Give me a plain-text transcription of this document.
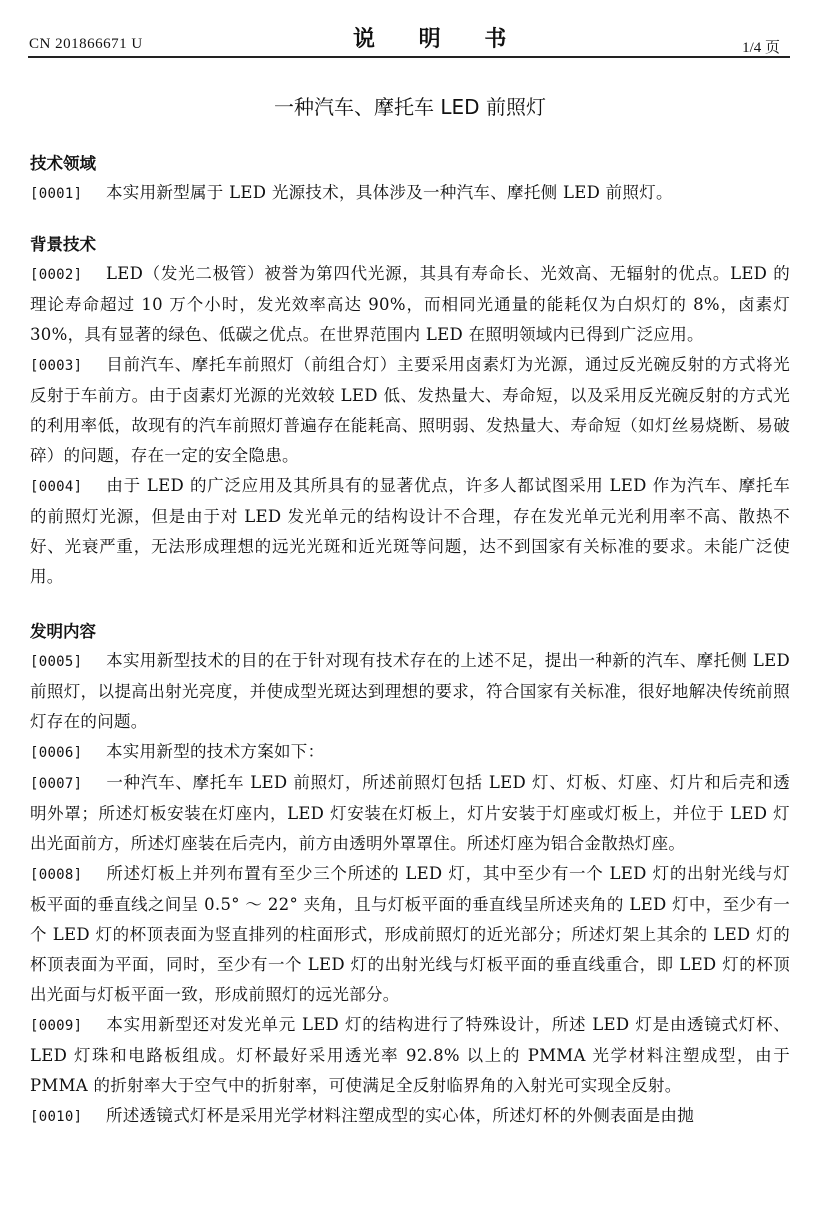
CN 201866671 U	说 明 书	1/4 页
一种汽车、摩托车 LED 前照灯
技术领域

[0001] 本实用新型属于 LED 光源技术，具体涉及一种汽车、摩托侧 LED 前照灯。

背景技术

[0002] LED（发光二极管）被誉为第四代光源，其具有寿命长、光效高、无辐射的优点。LED 的理论寿命超过 10 万个小时，发光效率高达 90%，而相同光通量的能耗仅为白炽灯的 8%，卤素灯 30%，具有显著的绿色、低碳之优点。在世界范围内 LED 在照明领域内已得到广泛应用。

[0003] 目前汽车、摩托车前照灯（前组合灯）主要采用卤素灯为光源，通过反光碗反射的方式将光反射于车前方。由于卤素灯光源的光效较 LED 低、发热量大、寿命短，以及采用反光碗反射的方式光的利用率低，故现有的汽车前照灯普遍存在能耗高、照明弱、发热量大、寿命短（如灯丝易烧断、易破碎）的问题，存在一定的安全隐患。

[0004] 由于 LED 的广泛应用及其所具有的显著优点，许多人都试图采用 LED 作为汽车、摩托车的前照灯光源，但是由于对 LED 发光单元的结构设计不合理，存在发光单元光利用率不高、散热不好、光衰严重，无法形成理想的远光光斑和近光斑等问题，达不到国家有关标准的要求。未能广泛使用。

发明内容

[0005] 本实用新型技术的目的在于针对现有技术存在的上述不足，提出一种新的汽车、摩托侧 LED 前照灯，以提高出射光亮度，并使成型光斑达到理想的要求，符合国家有关标准，很好地解决传统前照灯存在的问题。

[0006] 本实用新型的技术方案如下：

[0007] 一种汽车、摩托车 LED 前照灯，所述前照灯包括 LED 灯、灯板、灯座、灯片和后壳和透明外罩；所述灯板安装在灯座内，LED 灯安装在灯板上，灯片安装于灯座或灯板上，并位于 LED 灯出光面前方，所述灯座装在后壳内，前方由透明外罩罩住。所述灯座为铝合金散热灯座。

[0008] 所述灯板上并列布置有至少三个所述的 LED 灯，其中至少有一个 LED 灯的出射光线与灯板平面的垂直线之间呈 0.5° ～ 22° 夹角，且与灯板平面的垂直线呈所述夹角的 LED 灯中，至少有一个 LED 灯的杯顶表面为竖直排列的柱面形式，形成前照灯的近光部分；所述灯架上其余的 LED 灯的杯顶表面为平面，同时，至少有一个 LED 灯的出射光线与灯板平面的垂直线重合，即 LED 灯的杯顶出光面与灯板平面一致，形成前照灯的远光部分。

[0009] 本实用新型还对发光单元 LED 灯的结构进行了特殊设计，所述 LED 灯是由透镜式灯杯、LED 灯珠和电路板组成。灯杯最好采用透光率 92.8% 以上的 PMMA 光学材料注塑成型，由于 PMMA 的折射率大于空气中的折射率，可使满足全反射临界角的入射光可实现全反射。

[0010] 所述透镜式灯杯是采用光学材料注塑成型的实心体，所述灯杯的外侧表面是由抛
